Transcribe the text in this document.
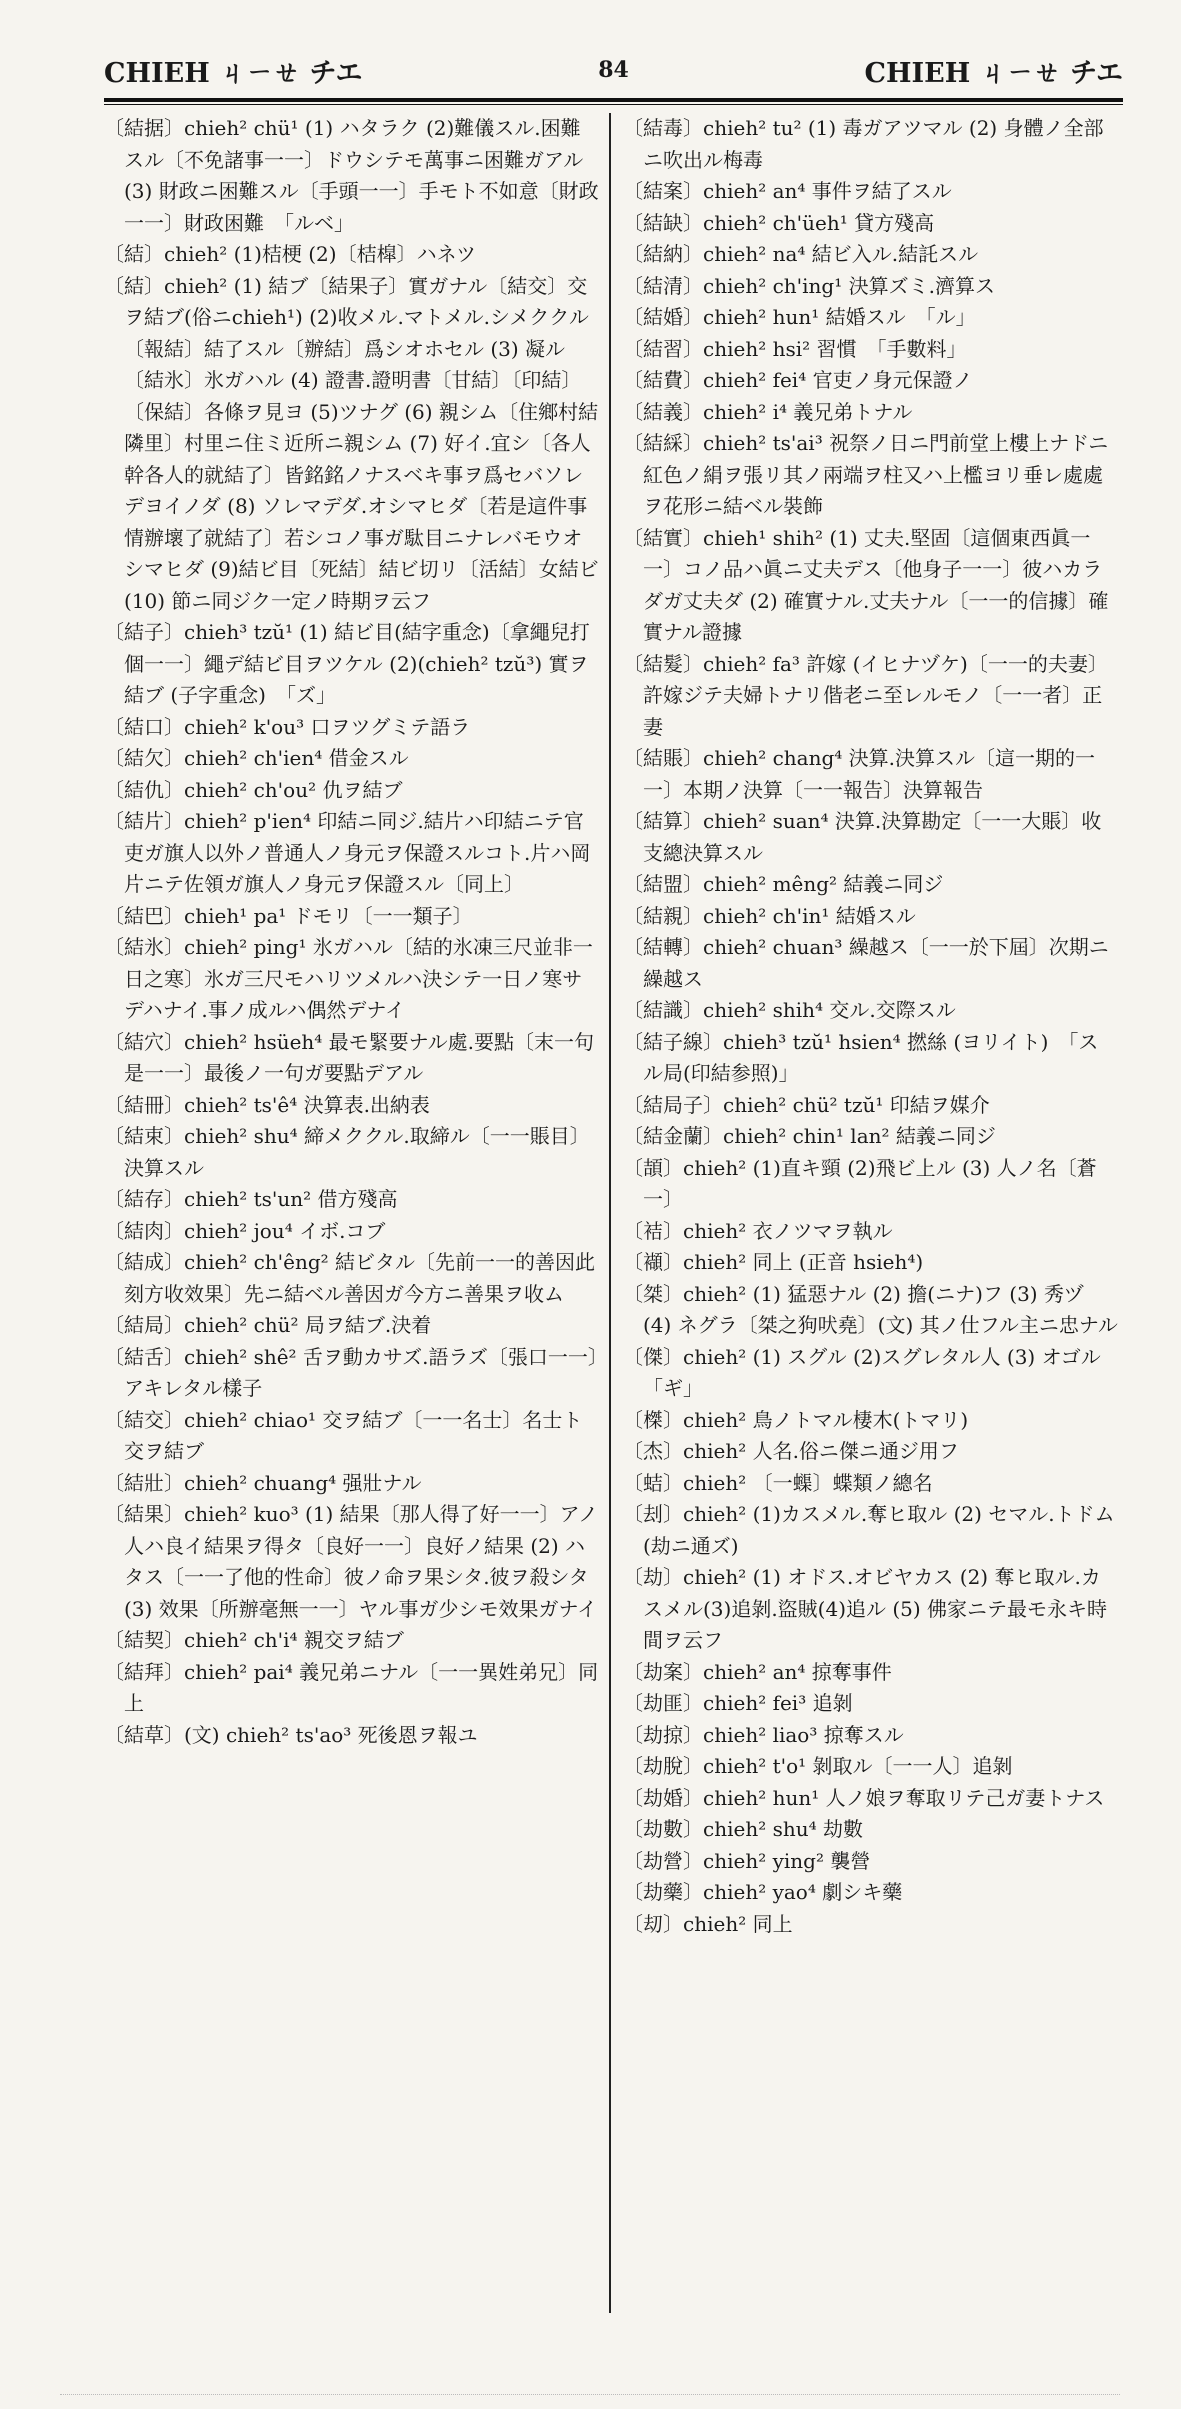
CHIEH ㄐㄧㄝ チエ	84	CHIEH ㄐㄧㄝ チエ

〔結据〕chieh² chü¹ (1) ハタラク (2)難儀スル.困難スル〔不免諸事一一〕ドウシテモ萬事ニ困難ガアル (3) 財政ニ困難スル〔手頭一一〕手モト不如意〔財政一一〕財政困難　「ルベ」

〔結〕chieh² (1)桔梗 (2)〔桔槹〕ハネツ

〔結〕chieh² (1) 結ブ〔結果子〕實ガナル〔結交〕交ヲ結ブ(俗ニchieh¹) (2)收メル.マトメル.シメククル〔報結〕結了スル〔辦結〕爲シオホセル (3) 凝ル〔結氷〕氷ガハル (4) 證書.證明書〔甘結〕〔印結〕〔保結〕各條ヲ見ヨ (5)ツナグ (6) 親シム〔住鄉村結隣里〕村里ニ住ミ近所ニ親シム (7) 好イ.宜シ〔各人幹各人的就結了〕皆銘銘ノナスベキ事ヲ爲セバソレデヨイノダ (8) ソレマデダ.オシマヒダ〔若是這件事情辦壞了就結了〕若シコノ事ガ駄目ニナレバモウオシマヒダ (9)結ビ目〔死結〕結ビ切リ〔活結〕女結ビ (10) 節ニ同ジク一定ノ時期ヲ云フ

〔結子〕chieh³ tzŭ¹ (1) 結ビ目(結字重念)〔拿繩兒打個一一〕繩デ結ビ目ヲツケル (2)(chieh² tzŭ³) 實ヲ結ブ (子字重念)　「ズ」

〔結口〕chieh² k'ou³ 口ヲツグミテ語ラ

〔結欠〕chieh² ch'ien⁴ 借金スル

〔結仇〕chieh² ch'ou² 仇ヲ結ブ

〔結片〕chieh² p'ien⁴ 印結ニ同ジ.結片ハ印結ニテ官吏ガ旗人以外ノ普通人ノ身元ヲ保證スルコト.片ハ岡片ニテ佐領ガ旗人ノ身元ヲ保證スル〔同上〕

〔結巴〕chieh¹ pa¹ ドモリ〔一一類子〕

〔結氷〕chieh² ping¹ 氷ガハル〔結的氷凍三尺並非一日之寒〕氷ガ三尺モハリツメルハ決シテ一日ノ寒サデハナイ.事ノ成ルハ偶然デナイ

〔結穴〕chieh² hsüeh⁴ 最モ緊要ナル處.要點〔末一句是一一〕最後ノ一句ガ要點デアル

〔結冊〕chieh² ts'ê⁴ 決算表.出納表

〔結束〕chieh² shu⁴ 締メククル.取締ル〔一一賬目〕決算スル

〔結存〕chieh² ts'un² 借方殘高

〔結肉〕chieh² jou⁴ イボ.コブ

〔結成〕chieh² ch'êng² 結ビタル〔先前一一的善因此刻方收效果〕先ニ結ベル善因ガ今方ニ善果ヲ收ム

〔結局〕chieh² chü² 局ヲ結ブ.決着

〔結舌〕chieh² shê² 舌ヲ動カサズ.語ラズ〔張口一一〕アキレタル樣子

〔結交〕chieh² chiao¹ 交ヲ結ブ〔一一名士〕名士ト交ヲ結ブ

〔結壯〕chieh² chuang⁴ 强壯ナル

〔結果〕chieh² kuo³ (1) 結果〔那人得了好一一〕アノ人ハ良イ結果ヲ得タ〔良好一一〕良好ノ結果 (2) ハタス〔一一了他的性命〕彼ノ命ヲ果シタ.彼ヲ殺シタ (3) 效果〔所辦毫無一一〕ヤル事ガ少シモ效果ガナイ

〔結契〕chieh² ch'i⁴ 親交ヲ結ブ

〔結拜〕chieh² pai⁴ 義兄弟ニナル〔一一異姓弟兄〕同上

〔結草〕(文) chieh² ts'ao³ 死後恩ヲ報ユ

〔結毒〕chieh² tu² (1) 毒ガアツマル (2) 身體ノ全部ニ吹出ル梅毒

〔結案〕chieh² an⁴ 事件ヲ結了スル

〔結缺〕chieh² ch'üeh¹ 貸方殘高

〔結納〕chieh² na⁴ 結ビ入ル.結託スル

〔結清〕chieh² ch'ing¹ 決算ズミ.濟算ス

〔結婚〕chieh² hun¹ 結婚スル　「ル」

〔結習〕chieh² hsi² 習慣　「手數料」

〔結費〕chieh² fei⁴ 官吏ノ身元保證ノ

〔結義〕chieh² i⁴ 義兄弟トナル

〔結綵〕chieh² ts'ai³ 祝祭ノ日ニ門前堂上樓上ナドニ紅色ノ絹ヲ張リ其ノ兩端ヲ柱又ハ上檻ヨリ垂レ處處ヲ花形ニ結ベル裝飾

〔結實〕chieh¹ shih² (1) 丈夫.堅固〔這個東西眞一一〕コノ品ハ眞ニ丈夫デス〔他身子一一〕彼ハカラダガ丈夫ダ (2) 確實ナル.丈夫ナル〔一一的信據〕確實ナル證據

〔結髮〕chieh² fa³ 許嫁 (イヒナヅケ)〔一一的夫妻〕許嫁ジテ夫婦トナリ偕老ニ至レルモノ〔一一者〕正妻

〔結賬〕chieh² chang⁴ 決算.決算スル〔這一期的一一〕本期ノ決算〔一一報告〕決算報告

〔結算〕chieh² suan⁴ 決算.決算勘定〔一一大賬〕收支總決算スル

〔結盟〕chieh² mêng² 結義ニ同ジ

〔結親〕chieh² ch'in¹ 結婚スル

〔結轉〕chieh² chuan³ 繰越ス〔一一於下屆〕次期ニ繰越ス

〔結識〕chieh² shih⁴ 交ル.交際スル

〔結子線〕chieh³ tzŭ¹ hsien⁴ 撚絲 (ヨリイト)　「スル局(印結参照)」

〔結局子〕chieh² chü² tzŭ¹ 印結ヲ媒介

〔結金蘭〕chieh² chin¹ lan² 結義ニ同ジ

〔頡〕chieh² (1)直キ頸 (2)飛ビ上ル (3) 人ノ名〔蒼一〕

〔袺〕chieh² 衣ノツマヲ執ル

〔襭〕chieh² 同上 (正音 hsieh⁴)

〔桀〕chieh² (1) 猛惡ナル (2) 擔(ニナ)フ (3) 秀ヅ (4) ネグラ〔桀之狗吠堯〕(文) 其ノ仕フル主ニ忠ナル

〔傑〕chieh² (1) スグル (2)スグレタル人 (3) オゴル　「ギ」

〔榤〕chieh² 鳥ノトマル棲木(トマリ)

〔杰〕chieh² 人名.俗ニ傑ニ通ジ用フ

〔蛣〕chieh² 〔一蟝〕蝶類ノ總名

〔刦〕chieh² (1)カスメル.奪ヒ取ル (2) セマル.トドム (劫ニ通ズ)

〔劫〕chieh² (1) オドス.オビヤカス (2) 奪ヒ取ル.カスメル(3)追剝.盜賊(4)追ル (5) 佛家ニテ最モ永キ時間ヲ云フ

〔劫案〕chieh² an⁴ 掠奪事件

〔劫匪〕chieh² fei³ 追剝

〔劫掠〕chieh² liao³ 掠奪スル

〔劫脫〕chieh² t'o¹ 剝取ル〔一一人〕追剝

〔劫婚〕chieh² hun¹ 人ノ娘ヲ奪取リテ己ガ妻トナス

〔劫數〕chieh² shu⁴ 劫數

〔劫營〕chieh² ying² 襲營

〔劫藥〕chieh² yao⁴ 劇シキ藥

〔刧〕chieh² 同上
